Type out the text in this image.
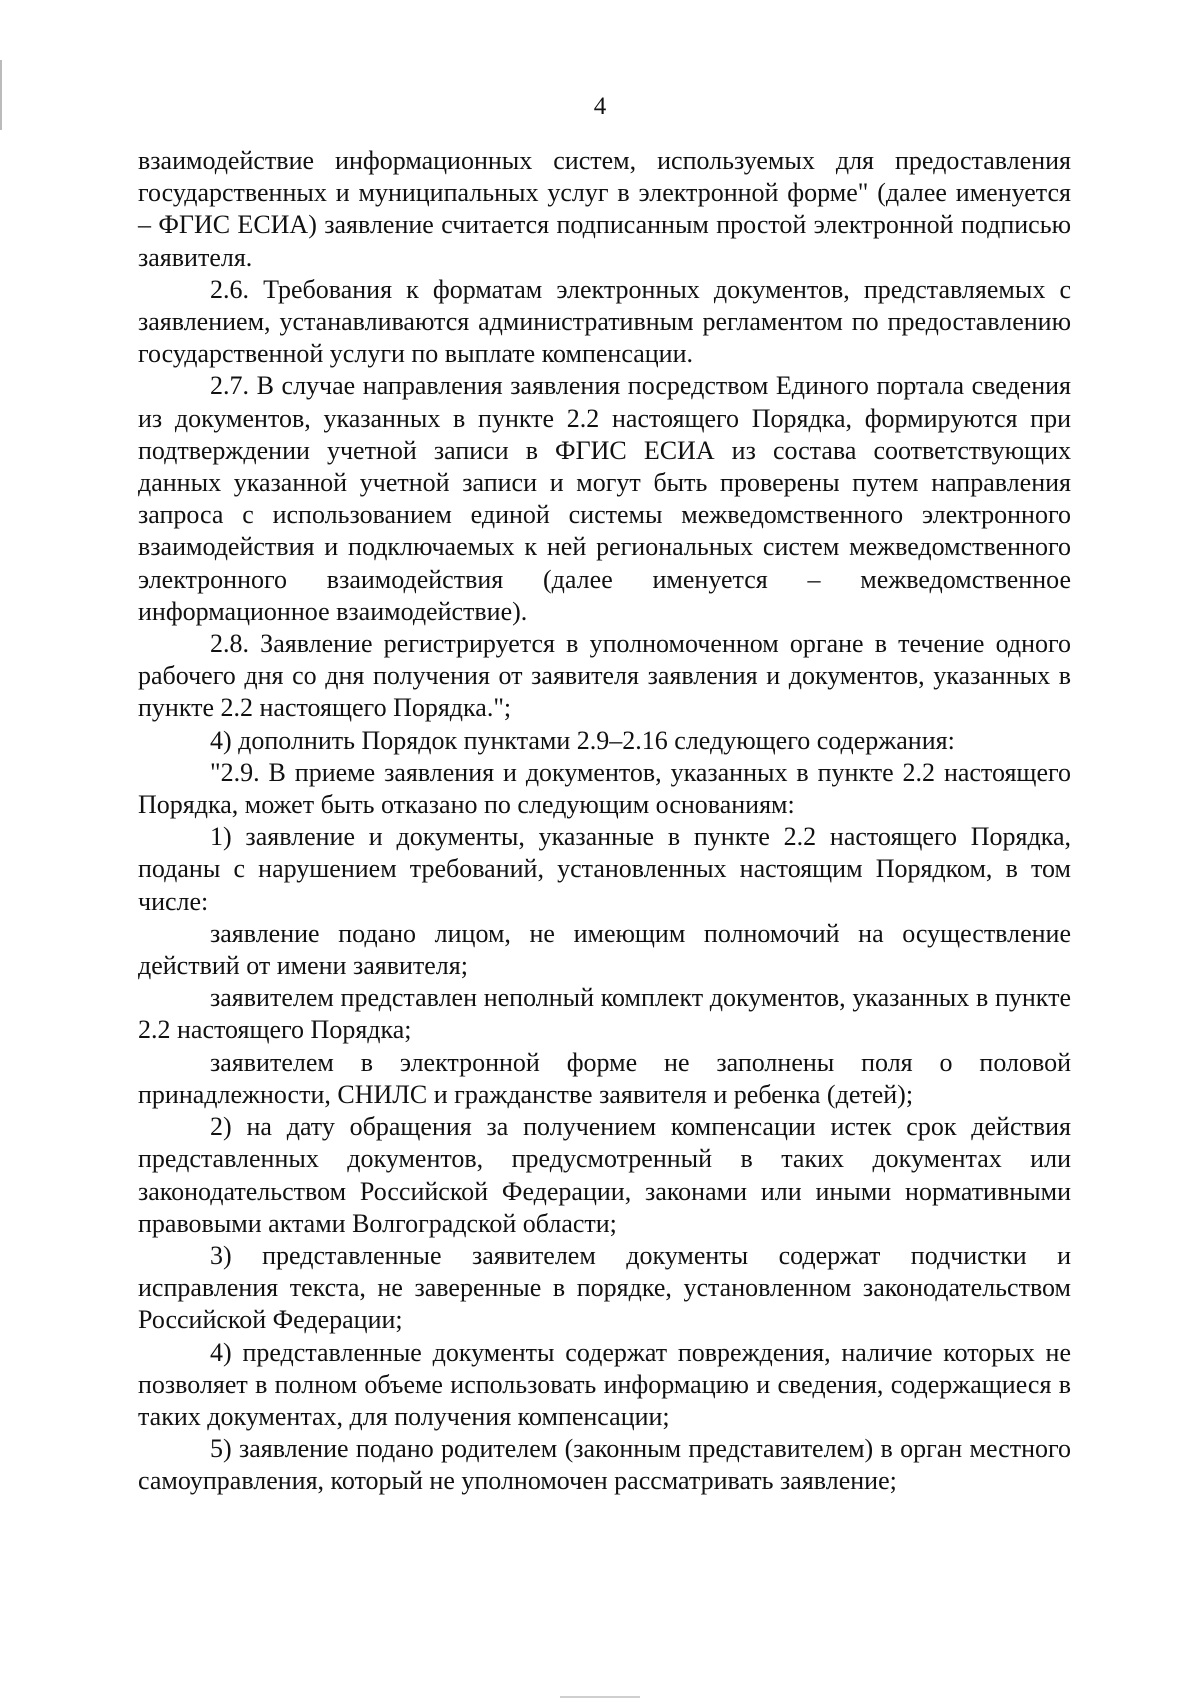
4

взаимодействие информационных систем, используемых для предоставления государственных и муниципальных услуг в электронной форме" (далее именуется – ФГИС ЕСИА) заявление считается подписанным простой электронной подписью заявителя.

2.6. Требования к форматам электронных документов, представляемых с заявлением, устанавливаются административным регламентом по предоставлению государственной услуги по выплате компенсации.

2.7. В случае направления заявления посредством Единого портала сведения из документов, указанных в пункте 2.2 настоящего Порядка, формируются при подтверждении учетной записи в ФГИС ЕСИА из состава соответствующих данных указанной учетной записи и могут быть проверены путем направления запроса с использованием единой системы межведомственного электронного взаимодействия и подключаемых к ней региональных систем межведомственного электронного взаимодействия (далее именуется – межведомственное информационное взаимодействие).

2.8. Заявление регистрируется в уполномоченном органе в течение одного рабочего дня со дня получения от заявителя заявления и документов, указанных в пункте 2.2 настоящего Порядка.";

4) дополнить Порядок пунктами 2.9–2.16 следующего содержания:

"2.9. В приеме заявления и документов, указанных в пункте 2.2 настоящего Порядка, может быть отказано по следующим основаниям:

1) заявление и документы, указанные в пункте 2.2 настоящего Порядка, поданы с нарушением требований, установленных настоящим Порядком, в том числе:

заявление подано лицом, не имеющим полномочий на осуществление действий от имени заявителя;

заявителем представлен неполный комплект документов, указанных в пункте 2.2 настоящего Порядка;

заявителем в электронной форме не заполнены поля о половой принадлежности, СНИЛС и гражданстве заявителя и ребенка (детей);

2) на дату обращения за получением компенсации истек срок действия представленных документов, предусмотренный в таких документах или законодательством Российской Федерации, законами или иными нормативными правовыми актами Волгоградской области;

3) представленные заявителем документы содержат подчистки и исправления текста, не заверенные в порядке, установленном законодательством Российской Федерации;

4) представленные документы содержат повреждения, наличие которых не позволяет в полном объеме использовать информацию и сведения, содержащиеся в таких документах, для получения компенсации;

5) заявление подано родителем (законным представителем) в орган местного самоуправления, который не уполномочен рассматривать заявление;
